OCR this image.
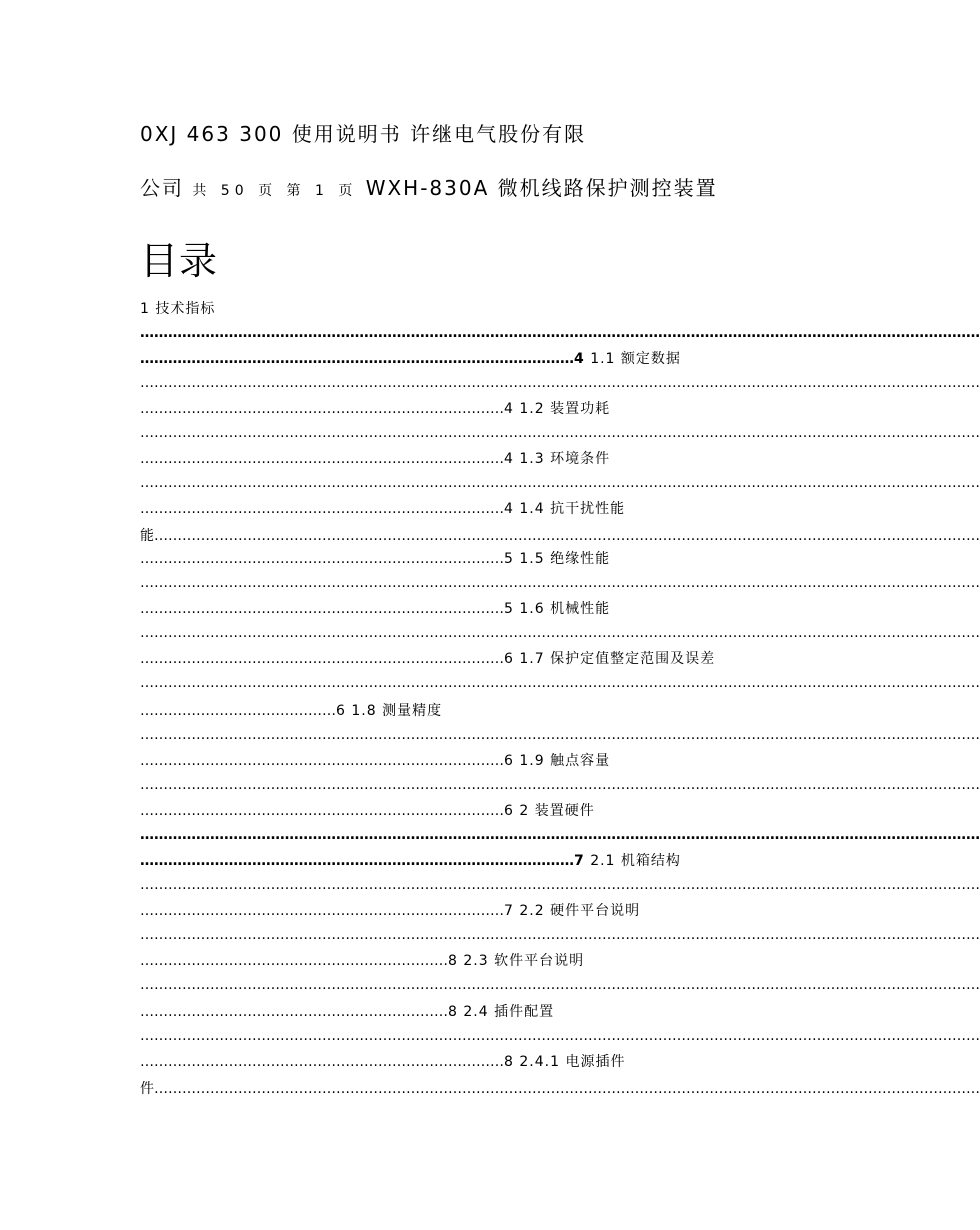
0XJ 463 300 使用说明书 许继电气股份有限
公司 共 50 页 第 1 页 WXH-830A 微机线路保护测控装置
目录
1 技术指标
………………………………………………………………………………………………………………………………………………………………
…………………………………………………………………………………4 1.1 额定数据
………………………………………………………………………………………………………………………………………………………………
……………………………………………………………………4 1.2 装置功耗
………………………………………………………………………………………………………………………………………………………………
……………………………………………………………………4 1.3 环境条件
………………………………………………………………………………………………………………………………………………………………
……………………………………………………………………4 1.4 抗干扰性能
能……………………………………………………………………………………………………………………………………………………………
……………………………………………………………………5 1.5 绝缘性能
………………………………………………………………………………………………………………………………………………………………
……………………………………………………………………5 1.6 机械性能
………………………………………………………………………………………………………………………………………………………………
……………………………………………………………………6 1.7 保护定值整定范围及误差
………………………………………………………………………………………………………………………………………………………………
……………………………………6 1.8 测量精度
………………………………………………………………………………………………………………………………………………………………
……………………………………………………………………6 1.9 触点容量
………………………………………………………………………………………………………………………………………………………………
……………………………………………………………………6 2 装置硬件
………………………………………………………………………………………………………………………………………………………………
…………………………………………………………………………………7 2.1 机箱结构
………………………………………………………………………………………………………………………………………………………………
……………………………………………………………………7 2.2 硬件平台说明
………………………………………………………………………………………………………………………………………………………………
…………………………………………………………8 2.3 软件平台说明
………………………………………………………………………………………………………………………………………………………………
…………………………………………………………8 2.4 插件配置
………………………………………………………………………………………………………………………………………………………………
……………………………………………………………………8 2.4.1 电源插件
件……………………………………………………………………………………………………………………………………………………………
